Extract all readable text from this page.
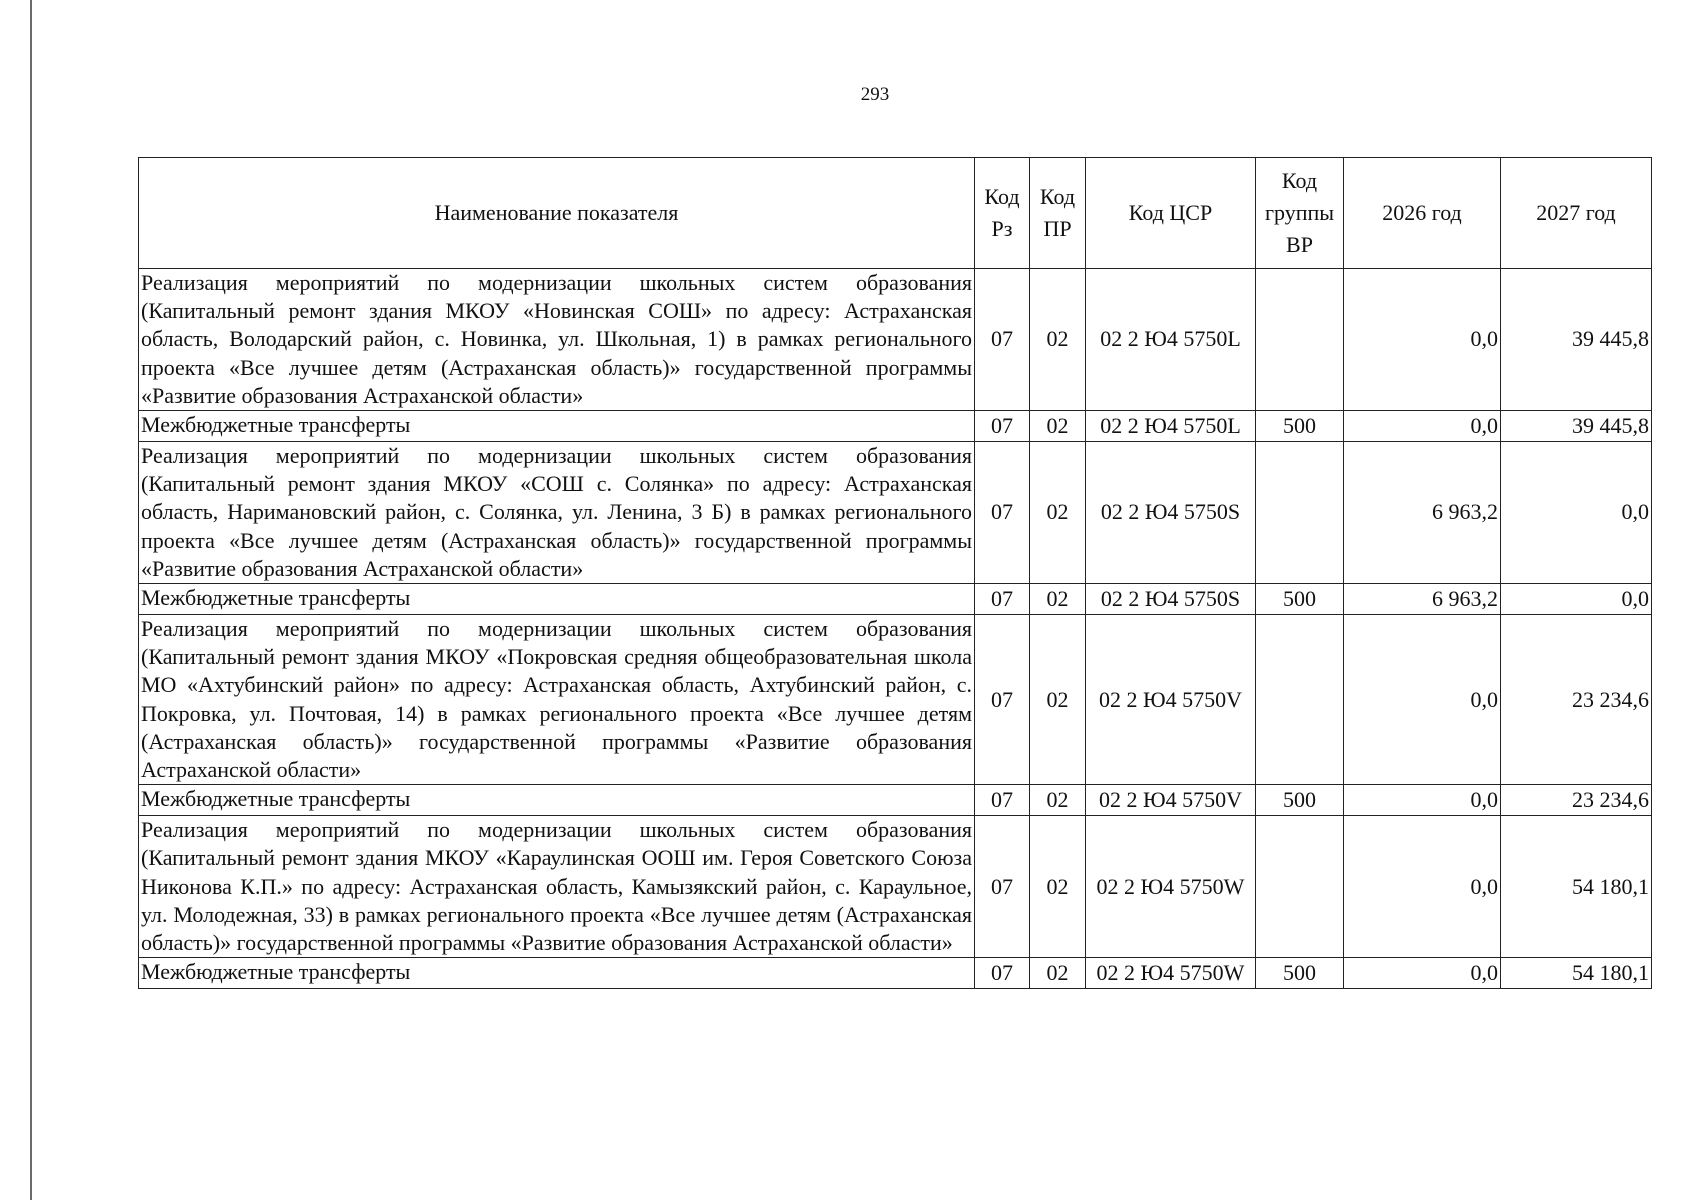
293
Наименование показателя	Код Рз	Код ПР	Код ЦСР	Код группы ВР	2026 год	2027 год
Реализация мероприятий по модернизации школьных систем образования (Капитальный ремонт здания МКОУ «Новинская СОШ» по адресу: Астраханская область, Володарский район, с. Новинка, ул. Школьная, 1) в рамках регионального проекта «Все лучшее детям (Астраханская область)» государственной программы «Развитие образования Астраханской области»	07	02	02 2 Ю4 5750L		0,0	39 445,8
Межбюджетные трансферты	07	02	02 2 Ю4 5750L	500	0,0	39 445,8
Реализация мероприятий по модернизации школьных систем образования (Капитальный ремонт здания МКОУ «СОШ с. Солянка» по адресу: Астраханская область, Наримановский район, с. Солянка, ул. Ленина, 3 Б) в рамках регионального проекта «Все лучшее детям (Астраханская область)» государственной программы «Развитие образования Астраханской области»	07	02	02 2 Ю4 5750S		6 963,2	0,0
Межбюджетные трансферты	07	02	02 2 Ю4 5750S	500	6 963,2	0,0
Реализация мероприятий по модернизации школьных систем образования (Капитальный ремонт здания МКОУ «Покровская средняя общеобразовательная школа МО «Ахтубинский район» по адресу: Астраханская область, Ахтубинский район, с. Покровка, ул. Почтовая, 14) в рамках регионального проекта «Все лучшее детям (Астраханская область)» государственной программы «Развитие образования Астраханской области»	07	02	02 2 Ю4 5750V		0,0	23 234,6
Межбюджетные трансферты	07	02	02 2 Ю4 5750V	500	0,0	23 234,6
Реализация мероприятий по модернизации школьных систем образования (Капитальный ремонт здания МКОУ «Караулинская ООШ им. Героя Советского Союза Никонова К.П.» по адресу: Астраханская область, Камызякский район, с. Караульное, ул. Молодежная, 33) в рамках регионального проекта «Все лучшее детям (Астраханская область)» государственной программы «Развитие образования Астраханской области»	07	02	02 2 Ю4 5750W		0,0	54 180,1
Межбюджетные трансферты	07	02	02 2 Ю4 5750W	500	0,0	54 180,1
